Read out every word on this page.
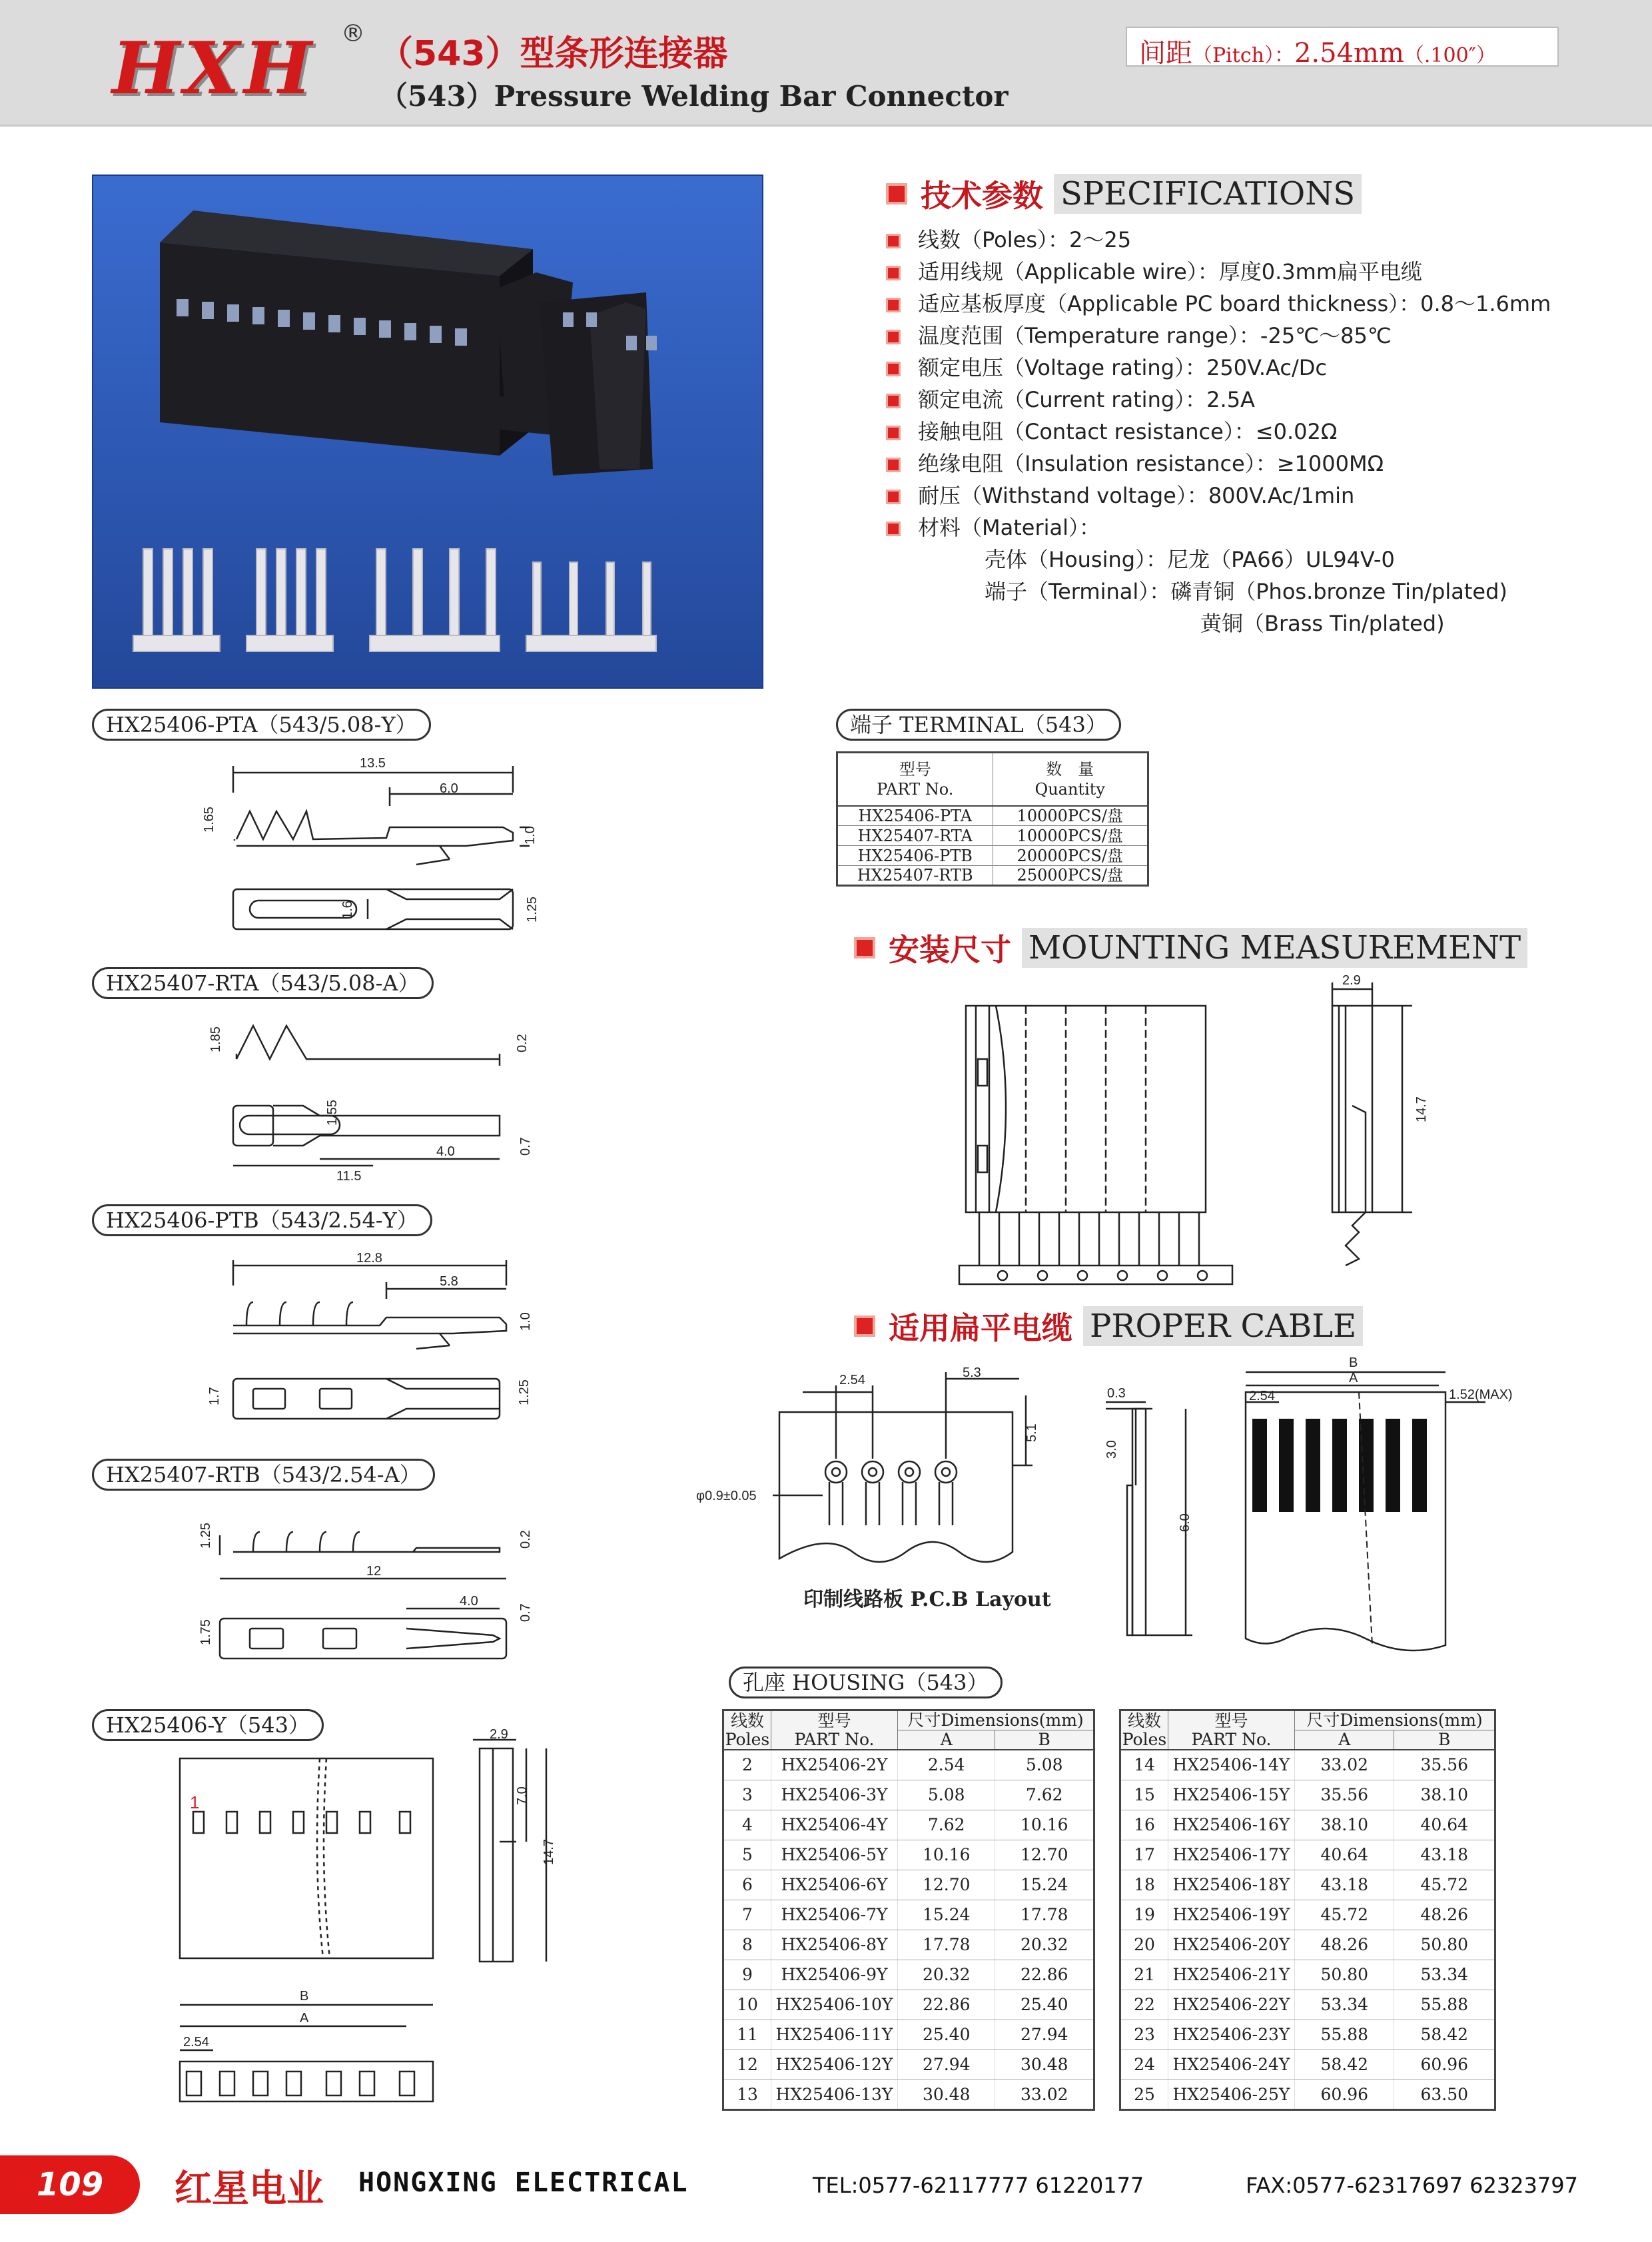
HXH ®
（543）型条形连接器
（543）Pressure Welding Bar Connector
间距（Pitch）：2.54mm（.100″）
技术参数 SPECIFICATIONS
线数（Poles）：2～25
适用线规（Applicable wire）：厚度0.3mm扁平电缆
适应基板厚度（Applicable PC board thickness）：0.8～1.6mm
温度范围（Temperature range）：-25℃～85℃
额定电压（Voltage rating）：250V.Ac/Dc
额定电流（Current rating）：2.5A
接触电阻（Contact resistance）：≤0.02Ω
绝缘电阻（Insulation resistance）：≥1000MΩ
耐压（Withstand voltage）：800V.Ac/1min
材料（Material）：
壳体（Housing）：尼龙（PA66）UL94V-0
端子（Terminal）：磷青铜（Phos.bronze Tin/plated)
黄铜（Brass Tin/plated)
HX25406-PTA（543/5.08-Y）
HX25407-RTA（543/5.08-A）
HX25406-PTB（543/2.54-Y）
HX25407-RTB（543/2.54-A）
HX25406-Y（543）
13.5
6.0
1.65
1.0
1.6	1.25
1.85	0.2
1.55
4.0
11.5
0.7
12.8
5.8
1.0
1.7	1.25
1.25	0.2
12
4.0
0.7
1.75
1
2.9
7.0
14.7
B
A
2.54
端子 TERMINAL（543）
型号
PART No.	数　量
Quantity
HX25406-PTA	10000PCS/盘
HX25407-RTA	10000PCS/盘
HX25406-PTB	20000PCS/盘
HX25407-RTB	25000PCS/盘
安装尺寸 MOUNTING MEASUREMENT
2.9
14.7
适用扁平电缆 PROPER CABLE
2.54	5.3
5.1
φ0.9±0.05
0.3
3.0
6.0
B
A
2.54	1.52(MAX)
印制线路板 P.C.B Layout
孔座 HOUSING（543）
线数
Poles	型号
PART No.	尺寸Dimensions(mm)	
		A	B
2	HX25406-2Y	2.54	5.08
3	HX25406-3Y	5.08	7.62
4	HX25406-4Y	7.62	10.16
5	HX25406-5Y	10.16	12.70
6	HX25406-6Y	12.70	15.24
7	HX25406-7Y	15.24	17.78
8	HX25406-8Y	17.78	20.32
9	HX25406-9Y	20.32	22.86
10	HX25406-10Y	22.86	25.40
11	HX25406-11Y	25.40	27.94
12	HX25406-12Y	27.94	30.48
13	HX25406-13Y	30.48	33.02
线数
Poles	型号
PART No.	尺寸Dimensions(mm)	
		A	B
14	HX25406-14Y	33.02	35.56
15	HX25406-15Y	35.56	38.10
16	HX25406-16Y	38.10	40.64
17	HX25406-17Y	40.64	43.18
18	HX25406-18Y	43.18	45.72
19	HX25406-19Y	45.72	48.26
20	HX25406-20Y	48.26	50.80
21	HX25406-21Y	50.80	53.34
22	HX25406-22Y	53.34	55.88
23	HX25406-23Y	55.88	58.42
24	HX25406-24Y	58.42	60.96
25	HX25406-25Y	60.96	63.50
109	红星电业 HONGXING ELECTRICAL	TEL:0577-62117777 61220177	FAX:0577-62317697 62323797
